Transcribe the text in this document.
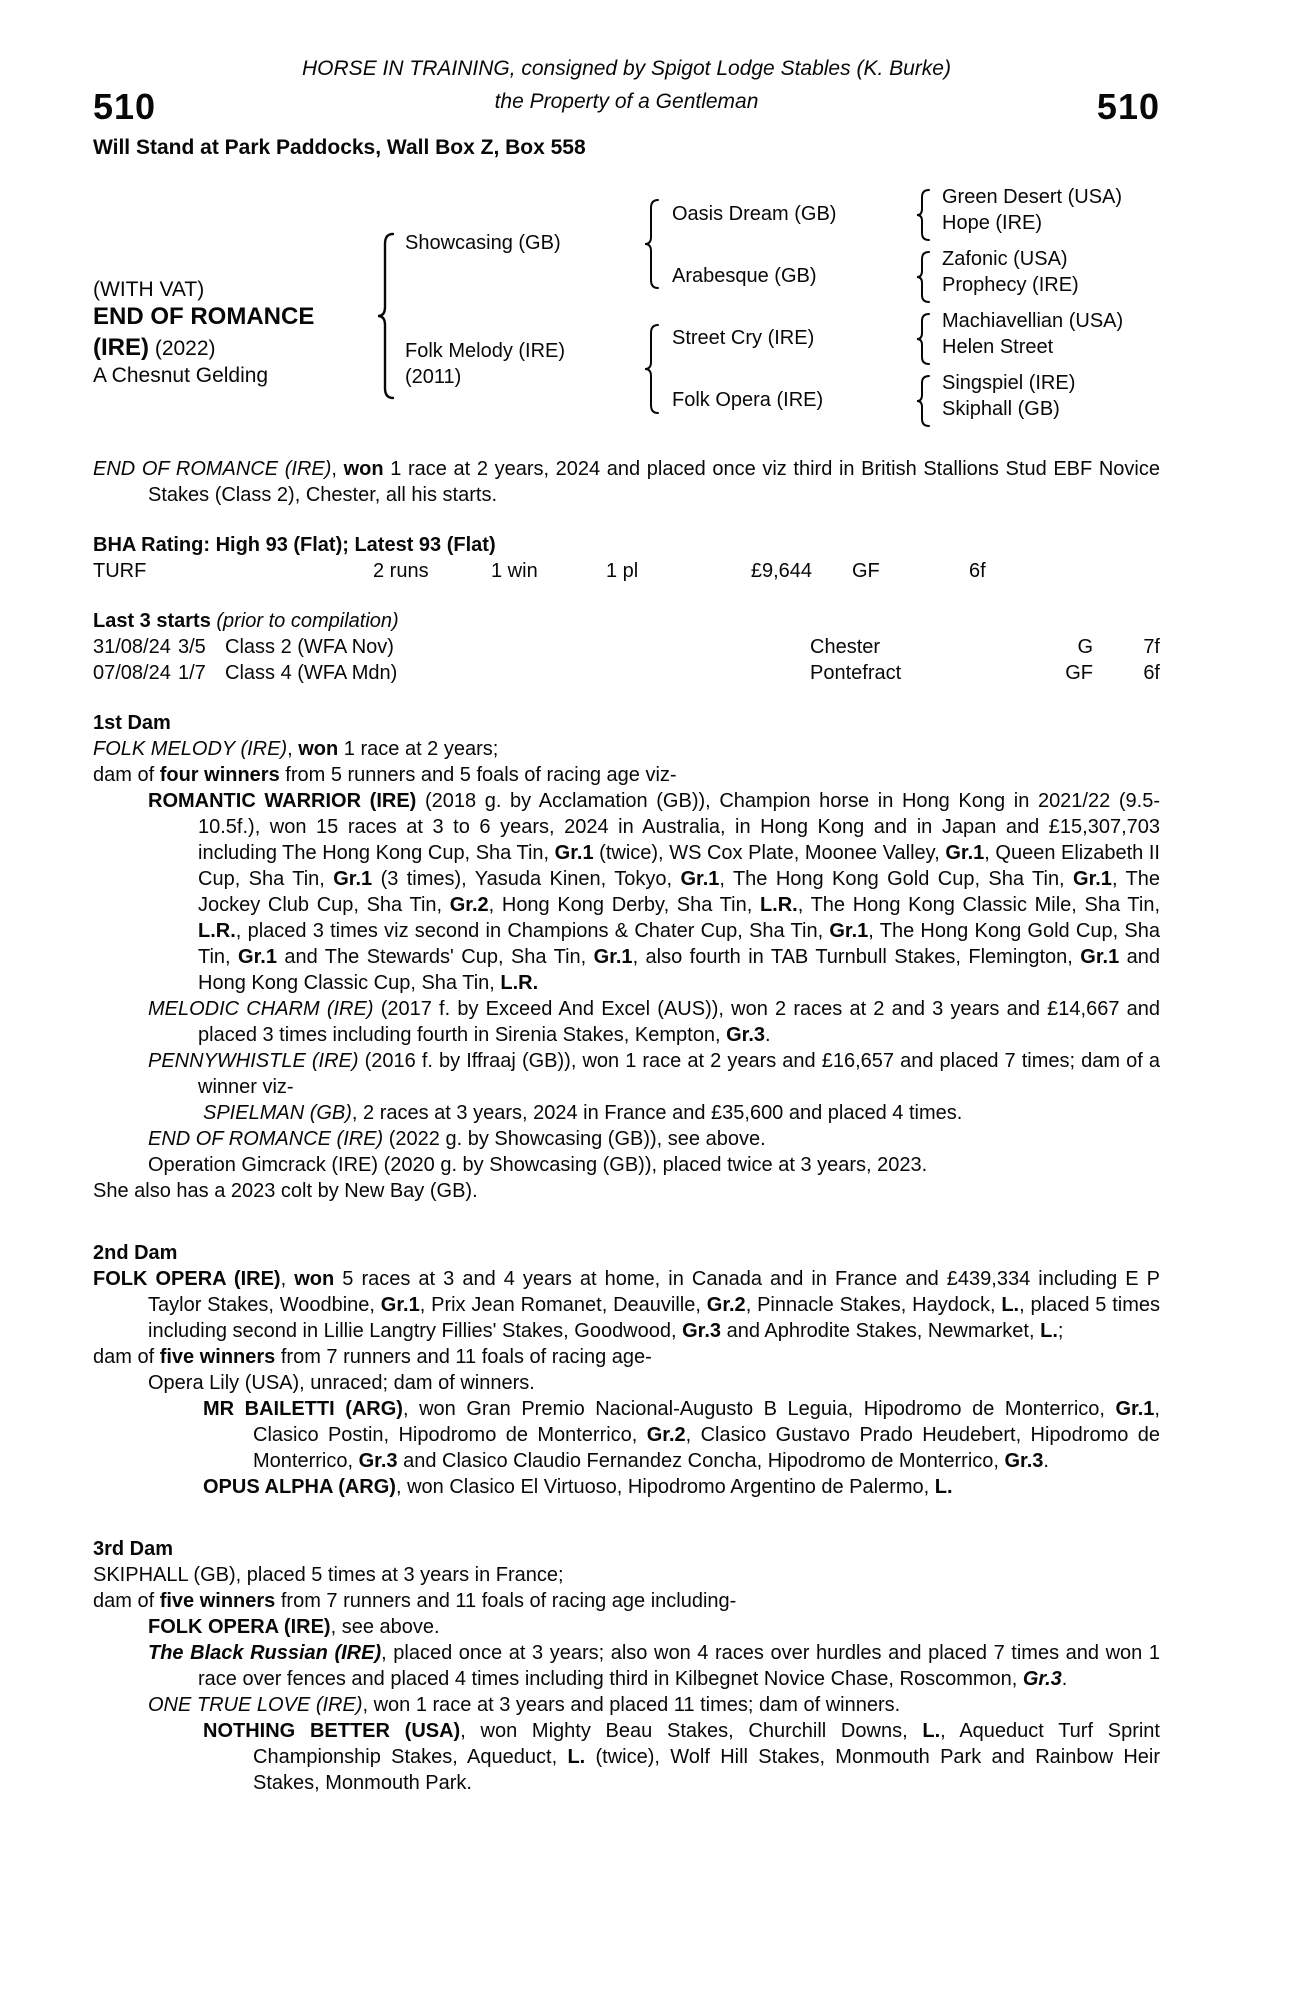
HORSE IN TRAINING, consigned by Spigot Lodge Stables (K. Burke)
510	the Property of a Gentleman	510
Will Stand at Park Paddocks, Wall Box Z, Box 558
(WITH VAT)
END OF ROMANCE
(IRE) (2022)
A Chesnut Gelding
Showcasing (GB)
Folk Melody (IRE)
(2011)
Oasis Dream (GB)
Arabesque (GB)
Street Cry (IRE)
Folk Opera (IRE)
Green Desert (USA)
Hope (IRE)
Zafonic (USA)
Prophecy (IRE)
Machiavellian (USA)
Helen Street
Singspiel (IRE)
Skiphall (GB)
END OF ROMANCE (IRE), won 1 race at 2 years, 2024 and placed once viz third in British Stallions Stud EBF Novice Stakes (Class 2), Chester, all his starts.
BHA Rating: High 93 (Flat); Latest 93 (Flat)
TURF	2 runs	1 win	1 pl	£9,644 GF	6f
Last 3 starts (prior to compilation)
31/08/24 3/5 Class 2 (WFA Nov)	Chester	G	7f
07/08/24 1/7 Class 4 (WFA Mdn)	Pontefract	GF	6f
1st Dam
FOLK MELODY (IRE), won 1 race at 2 years;
dam of four winners from 5 runners and 5 foals of racing age viz-
ROMANTIC WARRIOR (IRE) (2018 g. by Acclamation (GB)), Champion horse in Hong Kong in 2021/22 (9.5-10.5f.), won 15 races at 3 to 6 years, 2024 in Australia, in Hong Kong and in Japan and £15,307,703 including The Hong Kong Cup, Sha Tin, Gr.1 (twice), WS Cox Plate, Moonee Valley, Gr.1, Queen Elizabeth II Cup, Sha Tin, Gr.1 (3 times), Yasuda Kinen, Tokyo, Gr.1, The Hong Kong Gold Cup, Sha Tin, Gr.1, The Jockey Club Cup, Sha Tin, Gr.2, Hong Kong Derby, Sha Tin, L.R., The Hong Kong Classic Mile, Sha Tin, L.R., placed 3 times viz second in Champions & Chater Cup, Sha Tin, Gr.1, The Hong Kong Gold Cup, Sha Tin, Gr.1 and The Stewards' Cup, Sha Tin, Gr.1, also fourth in TAB Turnbull Stakes, Flemington, Gr.1 and Hong Kong Classic Cup, Sha Tin, L.R.
MELODIC CHARM (IRE) (2017 f. by Exceed And Excel (AUS)), won 2 races at 2 and 3 years and £14,667 and placed 3 times including fourth in Sirenia Stakes, Kempton, Gr.3.
PENNYWHISTLE (IRE) (2016 f. by Iffraaj (GB)), won 1 race at 2 years and £16,657 and placed 7 times; dam of a winner viz-
SPIELMAN (GB), 2 races at 3 years, 2024 in France and £35,600 and placed 4 times.
END OF ROMANCE (IRE) (2022 g. by Showcasing (GB)), see above.
Operation Gimcrack (IRE) (2020 g. by Showcasing (GB)), placed twice at 3 years, 2023.
She also has a 2023 colt by New Bay (GB).
2nd Dam
FOLK OPERA (IRE), won 5 races at 3 and 4 years at home, in Canada and in France and £439,334 including E P Taylor Stakes, Woodbine, Gr.1, Prix Jean Romanet, Deauville, Gr.2, Pinnacle Stakes, Haydock, L., placed 5 times including second in Lillie Langtry Fillies' Stakes, Goodwood, Gr.3 and Aphrodite Stakes, Newmarket, L.;
dam of five winners from 7 runners and 11 foals of racing age-
Opera Lily (USA), unraced; dam of winners.
MR BAILETTI (ARG), won Gran Premio Nacional-Augusto B Leguia, Hipodromo de Monterrico, Gr.1, Clasico Postin, Hipodromo de Monterrico, Gr.2, Clasico Gustavo Prado Heudebert, Hipodromo de Monterrico, Gr.3 and Clasico Claudio Fernandez Concha, Hipodromo de Monterrico, Gr.3.
OPUS ALPHA (ARG), won Clasico El Virtuoso, Hipodromo Argentino de Palermo, L.
3rd Dam
SKIPHALL (GB), placed 5 times at 3 years in France;
dam of five winners from 7 runners and 11 foals of racing age including-
FOLK OPERA (IRE), see above.
The Black Russian (IRE), placed once at 3 years; also won 4 races over hurdles and placed 7 times and won 1 race over fences and placed 4 times including third in Kilbegnet Novice Chase, Roscommon, Gr.3.
ONE TRUE LOVE (IRE), won 1 race at 3 years and placed 11 times; dam of winners.
NOTHING BETTER (USA), won Mighty Beau Stakes, Churchill Downs, L., Aqueduct Turf Sprint Championship Stakes, Aqueduct, L. (twice), Wolf Hill Stakes, Monmouth Park and Rainbow Heir Stakes, Monmouth Park.
